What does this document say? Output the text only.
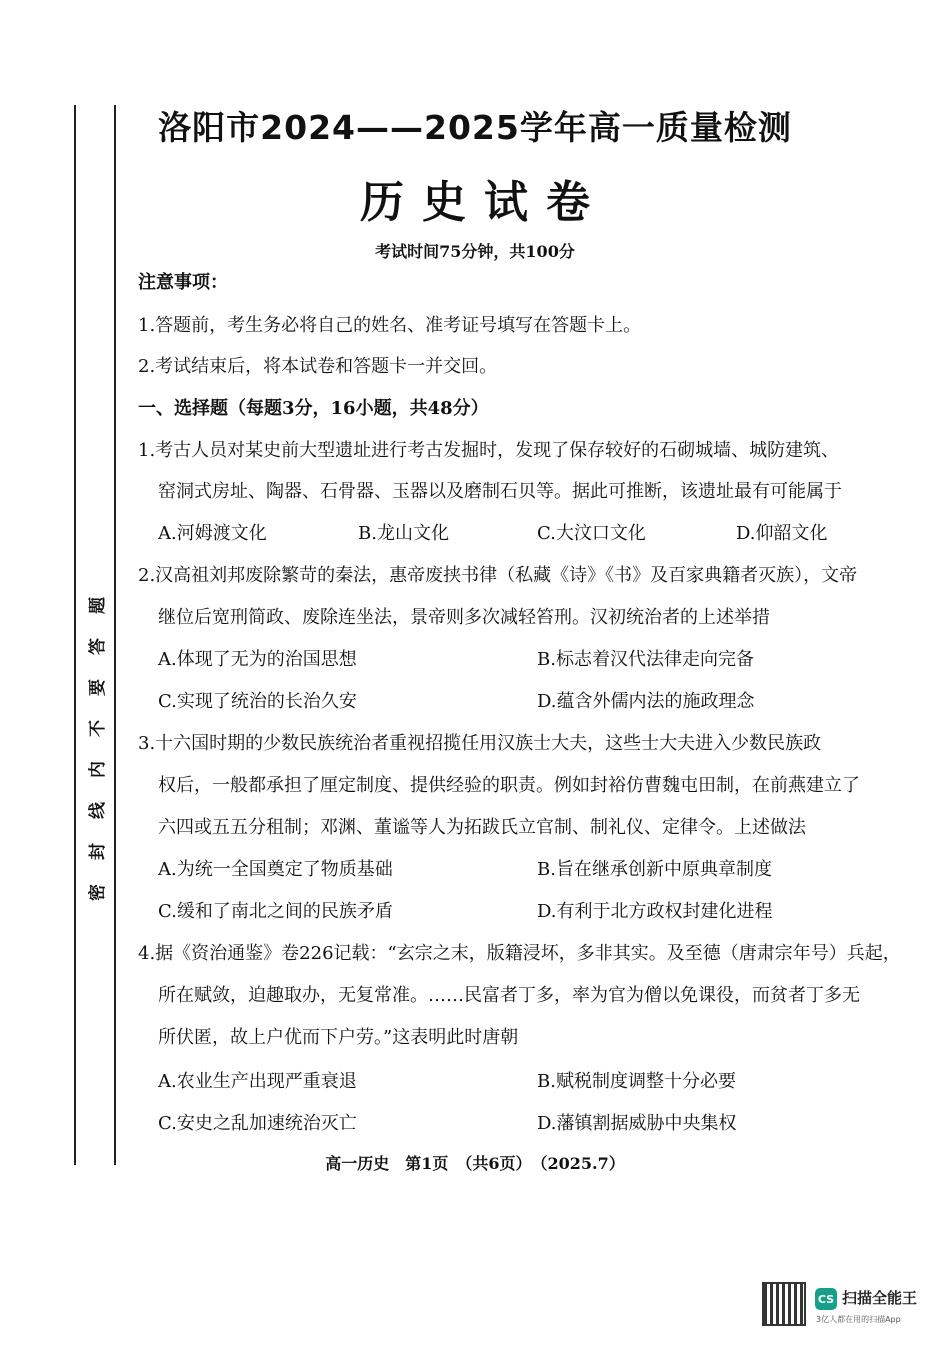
题
答
要
不
内
线
封
密
洛阳市2024——2025学年高一质量检测
历史试卷
考试时间75分钟，共100分
注意事项：
1.答题前，考生务必将自己的姓名、准考证号填写在答题卡上。
2.考试结束后，将本试卷和答题卡一并交回。
一、选择题（每题3分，16小题，共48分）
1.考古人员对某史前大型遗址进行考古发掘时，发现了保存较好的石砌城墙、城防建筑、
窑洞式房址、陶器、石骨器、玉器以及磨制石贝等。据此可推断，该遗址最有可能属于
A.河姆渡文化	B.龙山文化	C.大汶口文化	D.仰韶文化
2.汉高祖刘邦废除繁苛的秦法，惠帝废挟书律（私藏《诗》《书》及百家典籍者灭族），文帝
继位后宽刑简政、废除连坐法，景帝则多次减轻笞刑。汉初统治者的上述举措
A.体现了无为的治国思想	B.标志着汉代法律走向完备
C.实现了统治的长治久安	D.蕴含外儒内法的施政理念
3.十六国时期的少数民族统治者重视招揽任用汉族士大夫，这些士大夫进入少数民族政
权后，一般都承担了厘定制度、提供经验的职责。例如封裕仿曹魏屯田制，在前燕建立了
六四或五五分租制；邓渊、董谧等人为拓跋氏立官制、制礼仪、定律令。上述做法
A.为统一全国奠定了物质基础	B.旨在继承创新中原典章制度
C.缓和了南北之间的民族矛盾	D.有利于北方政权封建化进程
4.据《资治通鉴》卷226记载：“玄宗之末，版籍浸坏，多非其实。及至德（唐肃宗年号）兵起，
所在赋敛，迫趣取办，无复常准。……民富者丁多，率为官为僧以免课役，而贫者丁多无
所伏匿，故上户优而下户劳。”这表明此时唐朝
A.农业生产出现严重衰退	B.赋税制度调整十分必要
C.安史之乱加速统治灭亡	D.藩镇割据威胁中央集权
高一历史　第1页　（共6页）　（2025.7）
CS 扫描全能王
3亿人都在用的扫描App
